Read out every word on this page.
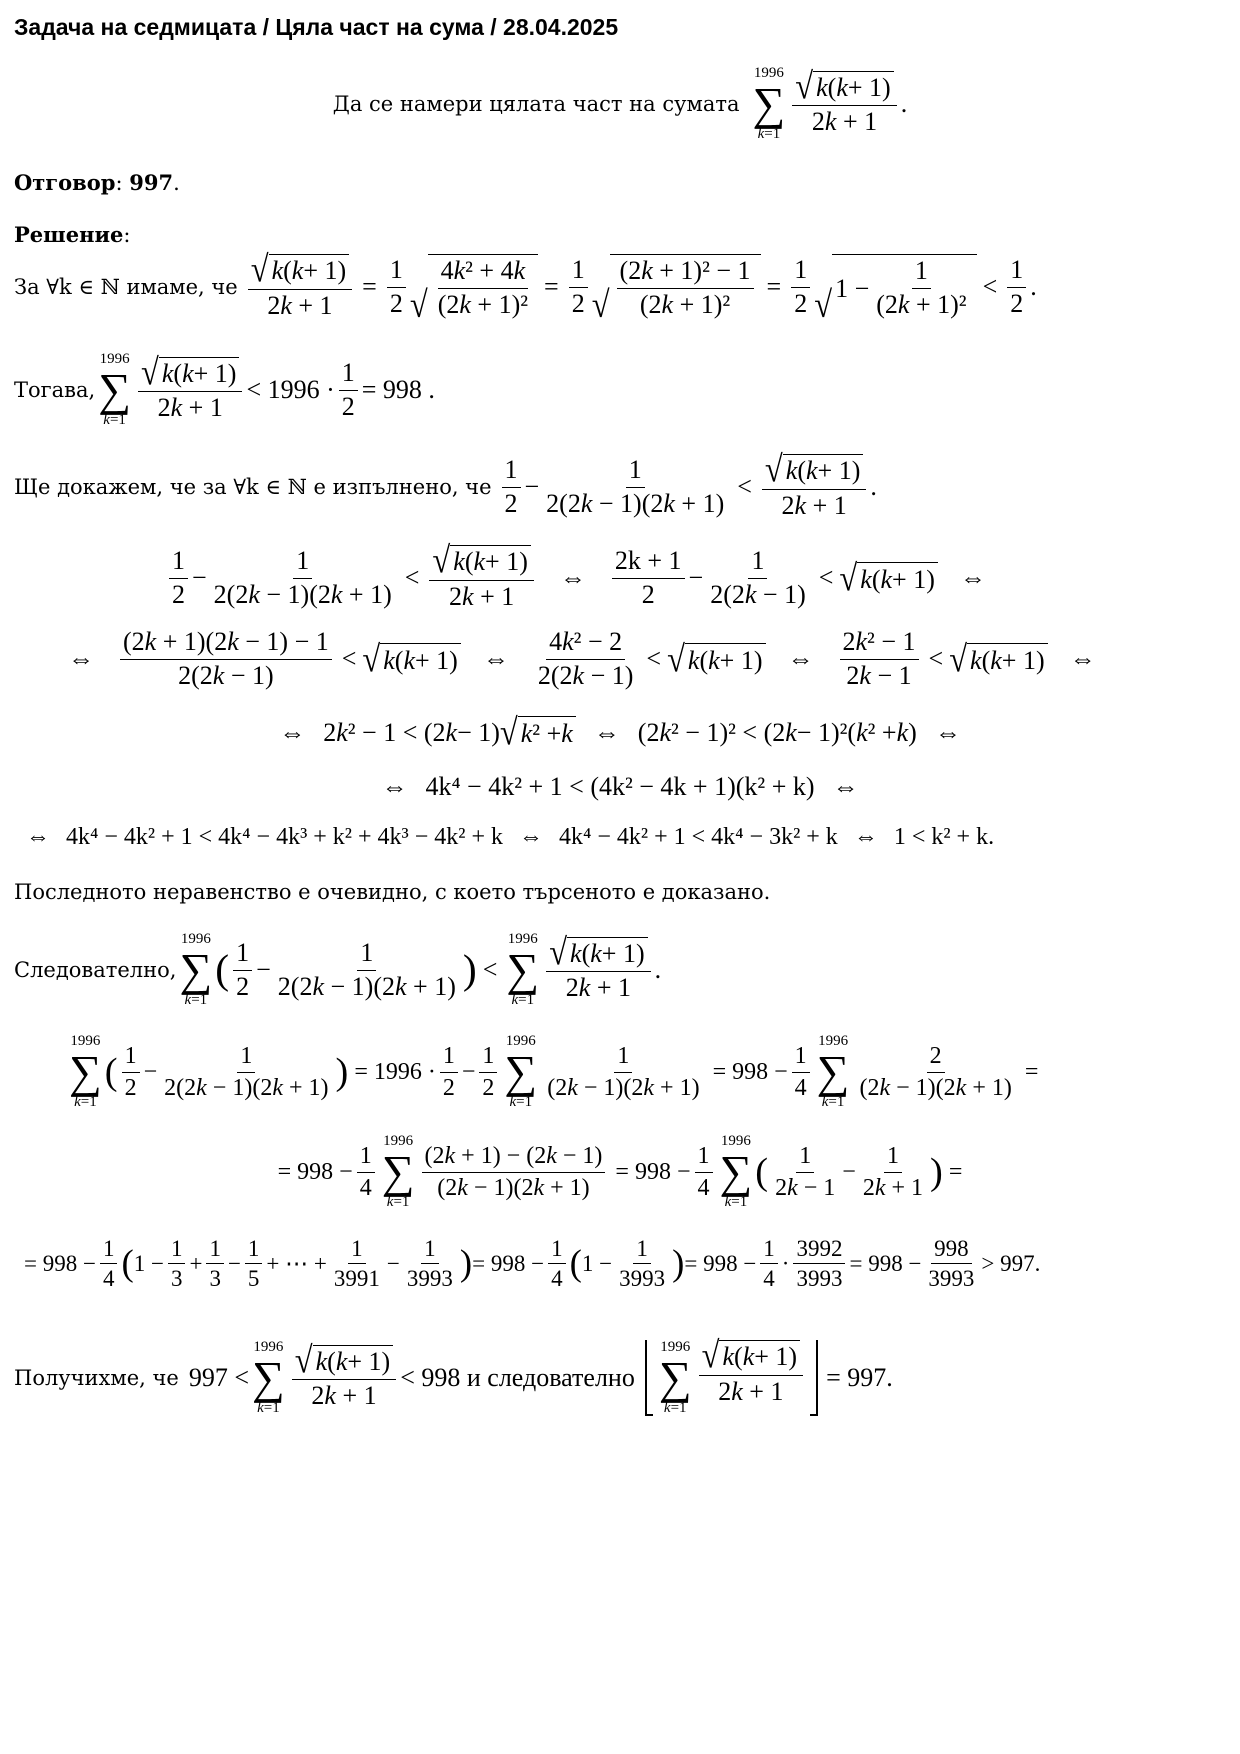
Задача на седмицата / Цяла част на сума / 28.04.2025
Да се намери цялата част на сумата
1996
∑
$k=1 \frac{√ k ( k + 1)}{2k + 1}$ .
Отговор : 997 .
Решение :
За ∀k ∈ ℕ имаме, че $\frac{√ k ( k + 1)}{2k + 1} = \frac{1}{2}$ √ $\frac{\text{4k² + 4k}}{\text{(2k + 1)²}} = \frac{1}{2}$ √ $\frac{\text{(2k + 1)² − 1}}{\text{(2k + 1)²}} = \frac{1}{2}$ √ $1 - \frac{1}{\text{(2k + 1)²}} < \frac{1}{2}$ .
Тогава,
1996
∑
$k=1 \frac{√ k ( k + 1)}{2k + 1} < 1996 \cdot \frac{1}{2} = 998$ .
Ще докажем, че за ∀k ∈ ℕ е изпълнено, че $\frac{1}{2} - \frac{1}{2(2k - 1)(2k + 1)} < \frac{√ k ( k + 1)}{2k + 1}$ .
$\frac{1}{2} - \frac{1}{2(2k - 1)(2k + 1)} < \frac{√ k ( k + 1)}{2k + 1}$ ⇔ $\frac{2k + 1}{2} - \frac{1}{2(2k - 1)}$ < √ k ( k + 1) ⇔
⇔ $\frac{(2k + 1)(2k - 1) - 1}{2(2k - 1)}$ < √ k ( k + 1) ⇔ $\frac{\text{4k² − 2}}{2(2k - 1)}$ < √ k ( k + 1) ⇔ $\frac{\text{2k² − 1}}{2k - 1}$ < √ k ( k + 1) ⇔
⇔ 2 k ² − 1 < (2 k − 1) √ k ² + k ⇔ (2 k ² − 1)² < (2 k − 1)²( k ² + k ) ⇔
⇔ 4k⁴ − 4k² + 1 < (4k² − 4k + 1)(k² + k) ⇔
⇔ 4k⁴ − 4k² + 1 < 4k⁴ − 4k³ + k² + 4k³ − 4k² + k ⇔ 4k⁴ − 4k² + 1 < 4k⁴ − 3k² + k ⇔ 1 < k² + k.
Последното неравенство е очевидно, с което търсеното е доказано.
Следователно,
1996
∑
k=1
( $\frac{1}{2} - \frac{1}{2(2k - 1)(2k + 1)}$ ) <
1996
∑
$k=1 \frac{√ k ( k + 1)}{2k + 1}$ .
1996
∑
k=1
( $\frac{1}{2} - \frac{1}{2(2k - 1)(2k + 1)}$ ) = $1996 \cdot \frac{1}{2} - \frac{1}{2}$
1996
∑
k=1
$\frac{1}{(2k - 1)(2k + 1)} = 998 - \frac{1}{4}$
1996
∑
k=1
$\frac{2}{(2k - 1)(2k + 1)}$ =
= $998 - \frac{1}{4}$
1996
∑
k=1
$\frac{(2k + 1) - (2k - 1)}{(2k - 1)(2k + 1)} = 998 - \frac{1}{4}$
1996
∑
k=1
( $\frac{1}{2k - 1} - \frac{1}{2k + 1}$ ) =
= $998 - \frac{1}{4}$ ( $1 - \frac{1}{3} + \frac{1}{3} - \frac{1}{5}$ + ⋯ + $\frac{1}{3991} - \frac{1}{3993}$ ) = $998 - \frac{1}{4}$ ( $1 - \frac{1}{3993}$ ) = $998 - \frac{1}{4} \cdot \frac{3992}{3993} = 998 - \frac{998}{3993} > 997$.
Получихме, че 997 <
1996
∑
$k=1 \frac{√ k ( k + 1)}{2k + 1} < 998$ и следователно
1996
∑
$k=1 \frac{√ k ( k + 1)}{2k + 1} = 997$.
